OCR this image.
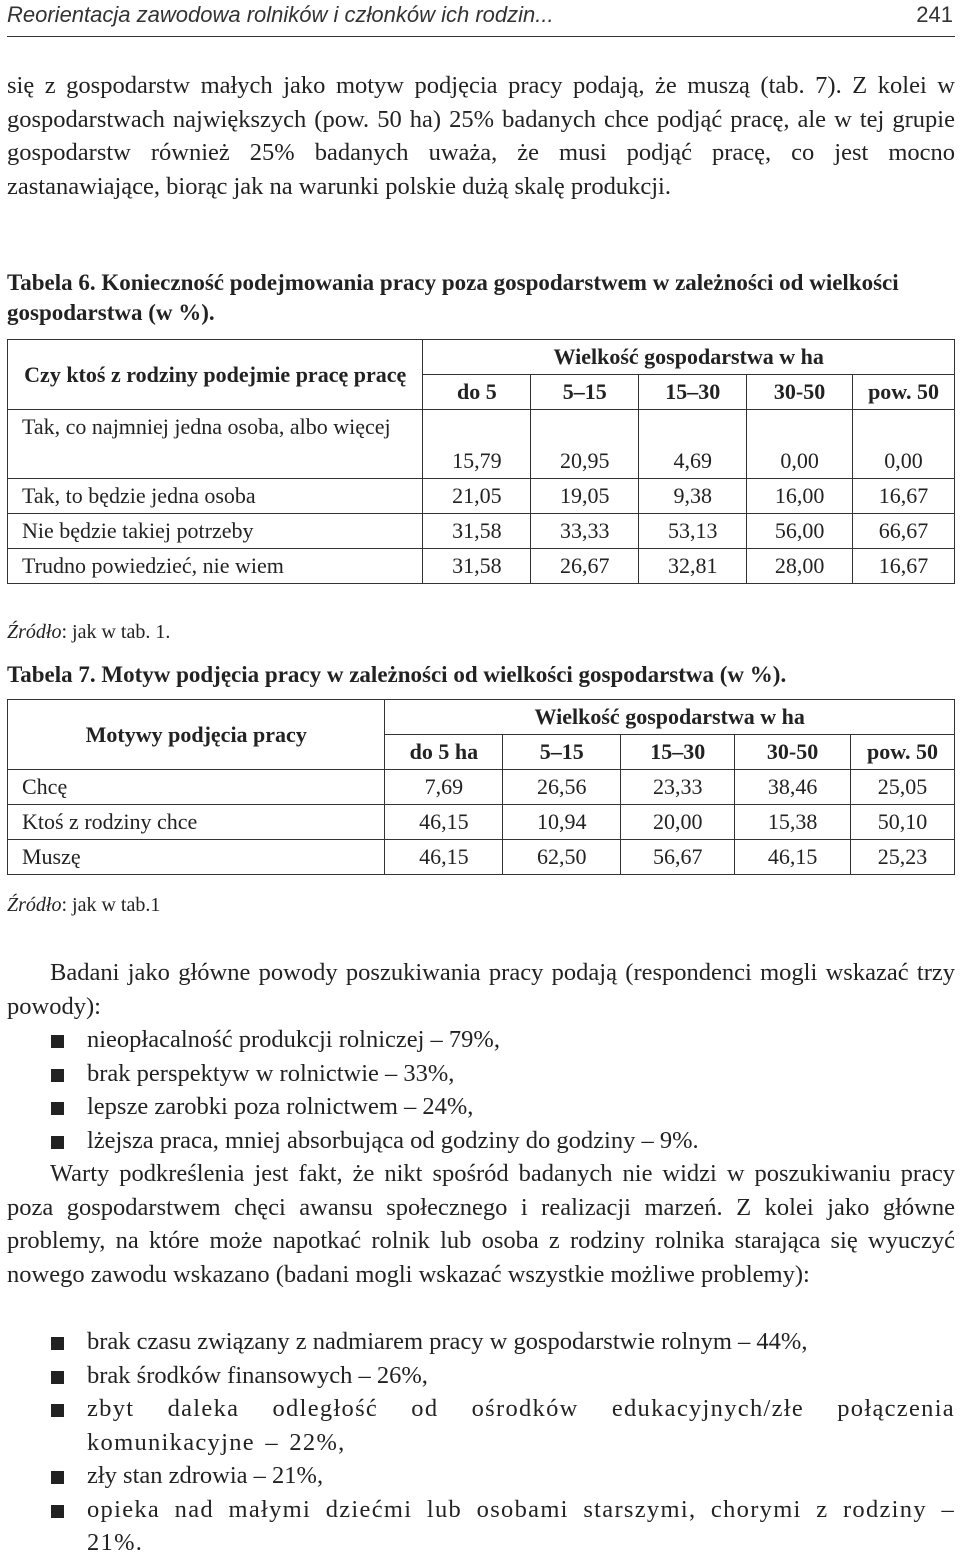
Reorientacja zawodowa rolników i członków ich rodzin...	241

się z gospodarstw małych jako motyw podjęcia pracy podają, że muszą (tab. 7). Z kolei w gospodarstwach największych (pow. 50 ha) 25% badanych chce podjąć pracę, ale w tej grupie gospodarstw również 25% badanych uważa, że musi podjąć pracę, co jest mocno zastanawiające, biorąc jak na warunki polskie dużą skalę produkcji.

Tabela 6. Konieczność podejmowania pracy poza gospodarstwem w zależności od wielkości gospodarstwa (w %).

Czy ktoś z rodziny podejmie pracę pracę	Wielkość gospodarstwa w ha				
	do 5	5–15	15–30	30-50	pow. 50
Tak, co najmniej jedna osoba, albo więcej	15,79	20,95	4,69	0,00	0,00
Tak, to będzie jedna osoba	21,05	19,05	9,38	16,00	16,67
Nie będzie takiej potrzeby	31,58	33,33	53,13	56,00	66,67
Trudno powiedzieć, nie wiem	31,58	26,67	32,81	28,00	16,67

Źródło: jak w tab. 1.

Tabela 7. Motyw podjęcia pracy w zależności od wielkości gospodarstwa (w %).

Motywy podjęcia pracy	Wielkość gospodarstwa w ha				
	do 5 ha	5–15	15–30	30-50	pow. 50
Chcę	7,69	26,56	23,33	38,46	25,05
Ktoś z rodziny chce	46,15	10,94	20,00	15,38	50,10
Muszę	46,15	62,50	56,67	46,15	25,23

Źródło: jak w tab.1

Badani jako główne powody poszukiwania pracy podają (respondenci mogli wskazać trzy powody):

nieopłacalność produkcji rolniczej – 79%,
brak perspektyw w rolnictwie – 33%,
lepsze zarobki poza rolnictwem – 24%,
lżejsza praca, mniej absorbująca od godziny do godziny – 9%.

Warty podkreślenia jest fakt, że nikt spośród badanych nie widzi w poszukiwaniu pracy poza gospodarstwem chęci awansu społecznego i realizacji marzeń. Z kolei jako główne problemy, na które może napotkać rolnik lub osoba z rodziny rolnika starająca się wyuczyć nowego zawodu wskazano (badani mogli wskazać wszystkie możliwe problemy):

brak czasu związany z nadmiarem pracy w gospodarstwie rolnym – 44%,
brak środków finansowych – 26%,
zbyt daleka odległość od ośrodków edukacyjnych/złe połączenia komunikacyjne – 22%,
zły stan zdrowia – 21%,
opieka nad małymi dziećmi lub osobami starszymi, chorymi z rodziny – 21%.
